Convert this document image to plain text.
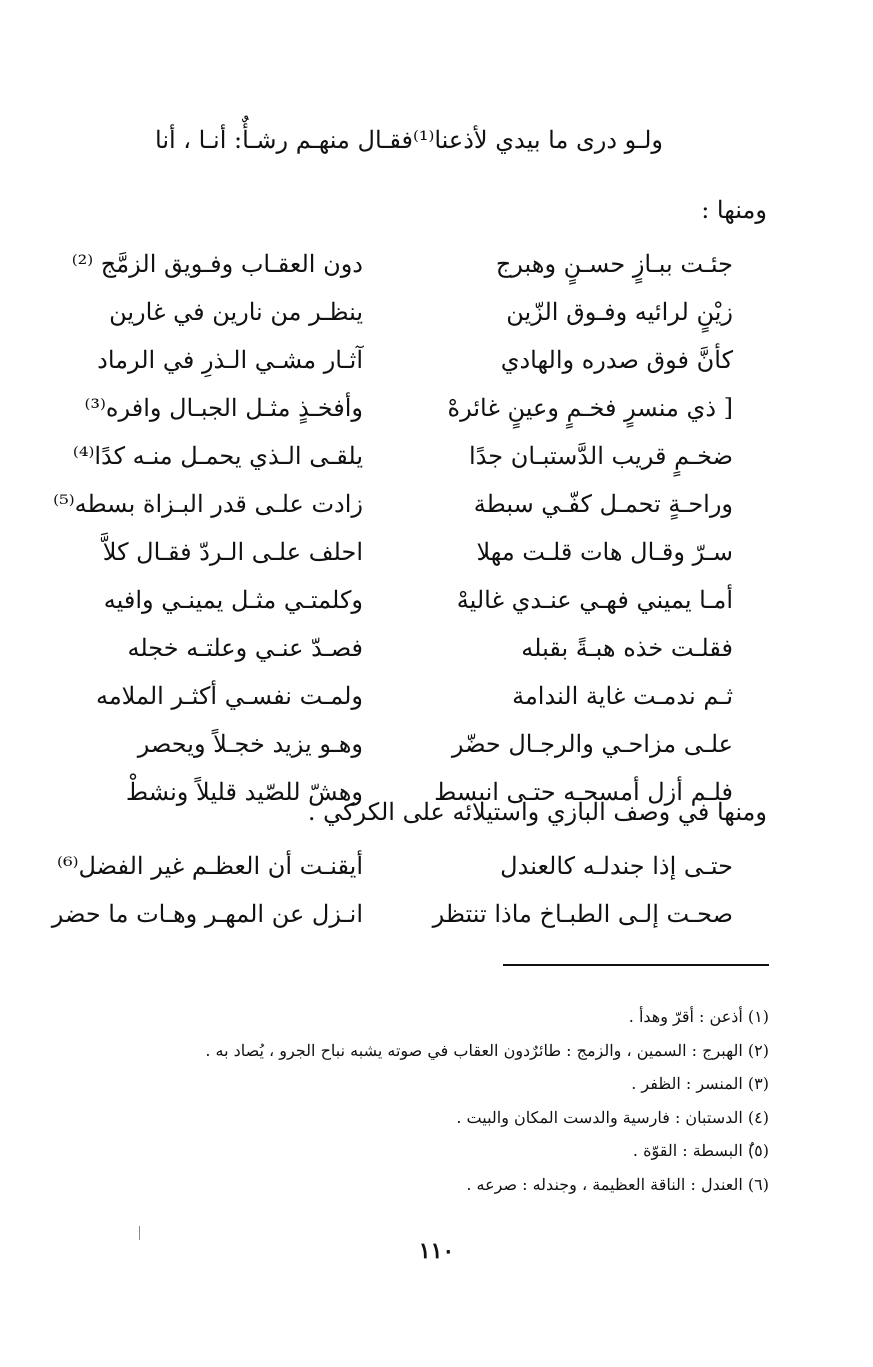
فقـال منهـم رشـأٌ: أنـا ، أنا ولـو درى ما بيدي لأذعنا⁽¹⁾
ومنها :
دون العقـاب وفـويق الزمَّج ⁽²⁾	جئـت ببـازٍ حسـنٍ وهبرج
ينظـر من نارين في غارين	زيْنٍ لرائيه وفـوق الزّين
آثـار مشـي الـذرِ في الرماد	كأنَّ فوق صدره والهادي
وأفخـذٍ مثـل الجبـال وافره⁽³⁾	[ ذي منسرٍ فخـمٍ وعينٍ غائرهْ
يلقـى الـذي يحمـل منـه كدًا⁽⁴⁾	ضخـمٍ قريب الدَّستبـان جدًا
زادت علـى قدر البـزاة بسطه⁽⁵⁾	وراحـةٍ تحمـل كفّـي سبطة
احلف علـى الـردّ فقـال كلاَّ	سـرّ وقـال هات قلـت مهلا
وكلمتـي مثـل يمينـي وافيه	أمـا يميني فهـي عنـدي غاليهْ
فصـدّ عنـي وعلتـه خجله	فقلـت خذه هبـةً بقبله
ولمـت نفسـي أكثـر الملامه	ثـم ندمـت غاية الندامة
وهـو يزيد خجـلاً ويحصر	علـى مزاحـي والرجـال حضّر
وهشّ للصّيد قليلاً ونشطْ	فلـم أزل أمسحـه حتـى انبسط
ومنها في وصف البازي واستيلائه على الكركي .
أيقنـت أن العظـم غير الفضل⁽⁶⁾	حتـى إذا جندلـه كالعندل
انـزل عن المهـر وهـات ما حضر	صحـت إلـى الطبـاخ ماذا تنتظر
(١) أذعن : أقرّ وهدأ .
(٢) الهبرج : السمين ، والزمج : طائرٌدون العقاب في صوته يشبه نباح الجرو ، يُصاد به .
(٣) المنسر : الظفر .
(٤) الدستبان : فارسية والدست المكان والبيت .
(٥)ٌ البسطة : القوّة .
(٦) العندل : الناقة العظيمة ، وجندله : صرعه .
١١٠
